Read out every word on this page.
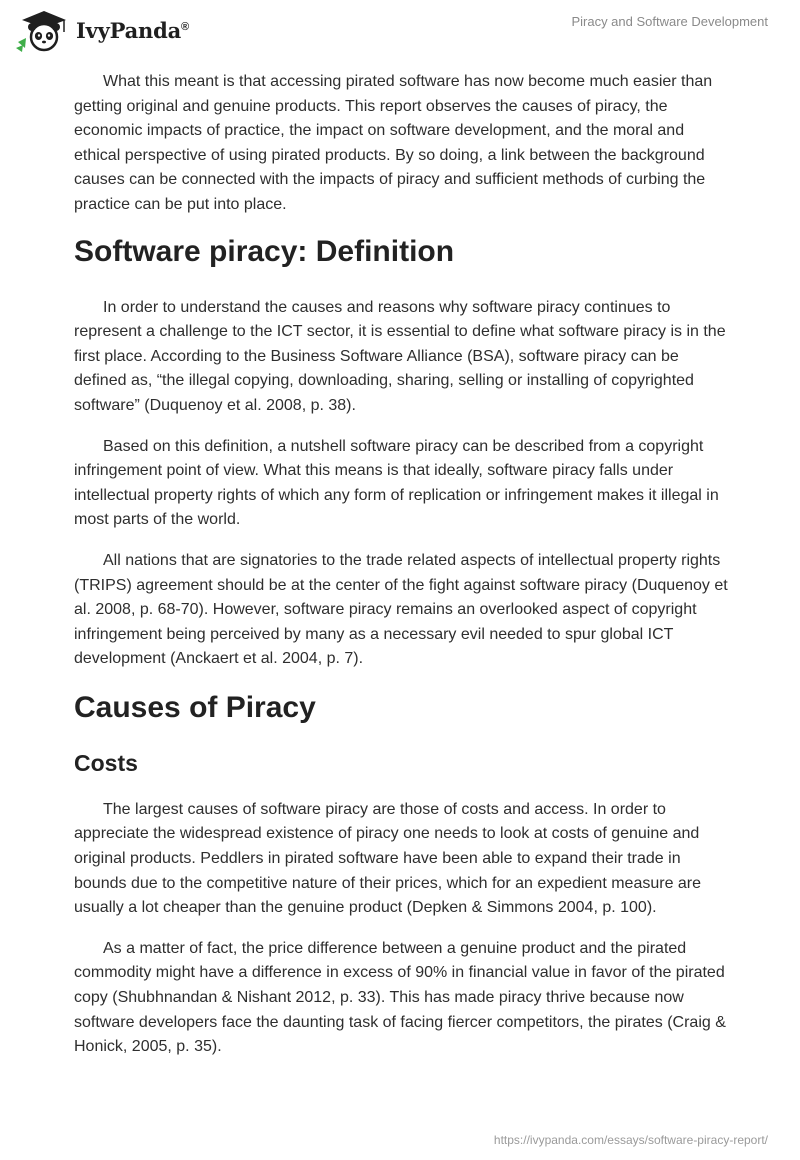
IvyPanda®	Piracy and Software Development

What this meant is that accessing pirated software has now become much easier than getting original and genuine products. This report observes the causes of piracy, the economic impacts of practice, the impact on software development, and the moral and ethical perspective of using pirated products. By so doing, a link between the background causes can be connected with the impacts of piracy and sufficient methods of curbing the practice can be put into place.

Software piracy: Definition

In order to understand the causes and reasons why software piracy continues to represent a challenge to the ICT sector, it is essential to define what software piracy is in the first place. According to the Business Software Alliance (BSA), software piracy can be defined as, “the illegal copying, downloading, sharing, selling or installing of copyrighted software” (Duquenoy et al. 2008, p. 38).

Based on this definition, a nutshell software piracy can be described from a copyright infringement point of view. What this means is that ideally, software piracy falls under intellectual property rights of which any form of replication or infringement makes it illegal in most parts of the world.

All nations that are signatories to the trade related aspects of intellectual property rights (TRIPS) agreement should be at the center of the fight against software piracy (Duquenoy et al. 2008, p. 68-70). However, software piracy remains an overlooked aspect of copyright infringement being perceived by many as a necessary evil needed to spur global ICT development (Anckaert et al. 2004, p. 7).

Causes of Piracy
Costs

The largest causes of software piracy are those of costs and access. In order to appreciate the widespread existence of piracy one needs to look at costs of genuine and original products. Peddlers in pirated software have been able to expand their trade in bounds due to the competitive nature of their prices, which for an expedient measure are usually a lot cheaper than the genuine product (Depken & Simmons 2004, p. 100).

As a matter of fact, the price difference between a genuine product and the pirated commodity might have a difference in excess of 90% in financial value in favor of the pirated copy (Shubhnandan & Nishant 2012, p. 33). This has made piracy thrive because now software developers face the daunting task of facing fiercer competitors, the pirates (Craig & Honick, 2005, p. 35).

https://ivypanda.com/essays/software-piracy-report/
